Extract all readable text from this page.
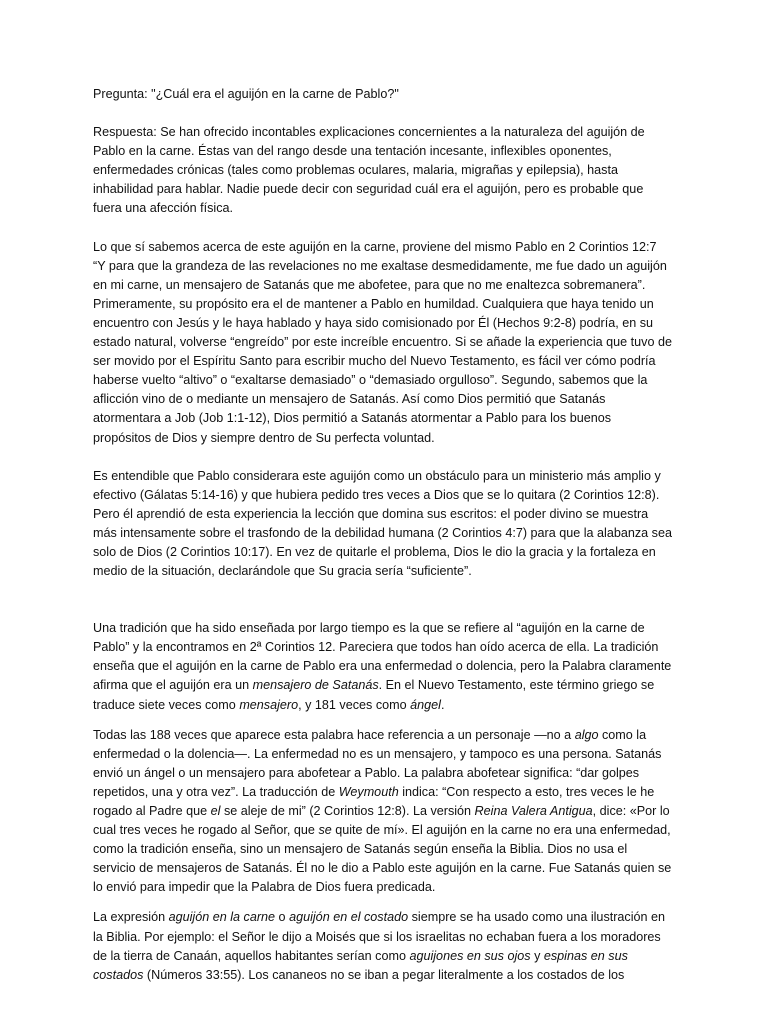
Pregunta: "¿Cuál era el aguijón en la carne de Pablo?"

Respuesta: Se han ofrecido incontables explicaciones concernientes a la naturaleza del aguijón de Pablo en la carne. Éstas van del rango desde una tentación incesante, inflexibles oponentes, enfermedades crónicas (tales como problemas oculares, malaria, migrañas y epilepsia), hasta inhabilidad para hablar. Nadie puede decir con seguridad cuál era el aguijón, pero es probable que fuera una afección física.

Lo que sí sabemos acerca de este aguijón en la carne, proviene del mismo Pablo en 2 Corintios 12:7 “Y para que la grandeza de las revelaciones no me exaltase desmedidamente, me fue dado un aguijón en mi carne, un mensajero de Satanás que me abofetee, para que no me enaltezca sobremanera”. Primeramente, su propósito era el de mantener a Pablo en humildad. Cualquiera que haya tenido un encuentro con Jesús y le haya hablado y haya sido comisionado por Él (Hechos 9:2-8) podría, en su estado natural, volverse “engreído” por este increíble encuentro. Si se añade la experiencia que tuvo de ser movido por el Espíritu Santo para escribir mucho del Nuevo Testamento, es fácil ver cómo podría haberse vuelto “altivo” o “exaltarse demasiado” o “demasiado orgulloso”. Segundo, sabemos que la aflicción vino de o mediante un mensajero de Satanás. Así como Dios permitió que Satanás atormentara a Job (Job 1:1-12), Dios permitió a Satanás atormentar a Pablo para los buenos propósitos de Dios y siempre dentro de Su perfecta voluntad.

Es entendible que Pablo considerara este aguijón como un obstáculo para un ministerio más amplio y efectivo (Gálatas 5:14-16) y que hubiera pedido tres veces a Dios que se lo quitara (2 Corintios 12:8). Pero él aprendió de esta experiencia la lección que domina sus escritos: el poder divino se muestra más intensamente sobre el trasfondo de la debilidad humana (2 Corintios 4:7) para que la alabanza sea solo de Dios (2 Corintios 10:17). En vez de quitarle el problema, Dios le dio la gracia y la fortaleza en medio de la situación, declarándole que Su gracia sería “suficiente”.

Una tradición que ha sido enseñada por largo tiempo es la que se refiere al “aguijón en la carne de Pablo” y la encontramos en 2ª Corintios 12. Pareciera que todos han oído acerca de ella. La tradición enseña que el aguijón en la carne de Pablo era una enfermedad o dolencia, pero la Palabra claramente afirma que el aguijón era un mensajero de Satanás. En el Nuevo Testamento, este término griego se traduce siete veces como mensajero, y 181 veces como ángel.

Todas las 188 veces que aparece esta palabra hace referencia a un personaje —no a algo como la enfermedad o la dolencia—. La enfermedad no es un mensajero, y tampoco es una persona. Satanás envió un ángel o un mensajero para abofetear a Pablo. La palabra abofetear significa: “dar golpes repetidos, una y otra vez”. La traducción de Weymouth indica: “Con respecto a esto, tres veces le he rogado al Padre que el se aleje de mi” (2 Corintios 12:8). La versión Reina Valera Antigua, dice: «Por lo cual tres veces he rogado al Señor, que se quite de mí». El aguijón en la carne no era una enfermedad, como la tradición enseña, sino un mensajero de Satanás según enseña la Biblia. Dios no usa el servicio de mensajeros de Satanás. Él no le dio a Pablo este aguijón en la carne. Fue Satanás quien se lo envió para impedir que la Palabra de Dios fuera predicada.

La expresión aguijón en la carne o aguijón en el costado siempre se ha usado como una ilustración en la Biblia. Por ejemplo: el Señor le dijo a Moisés que si los israelitas no echaban fuera a los moradores de la tierra de Canaán, aquellos habitantes serían como aguijones en sus ojos y espinas en sus costados (Números 33:55). Los cananeos no se iban a pegar literalmente a los costados de los
